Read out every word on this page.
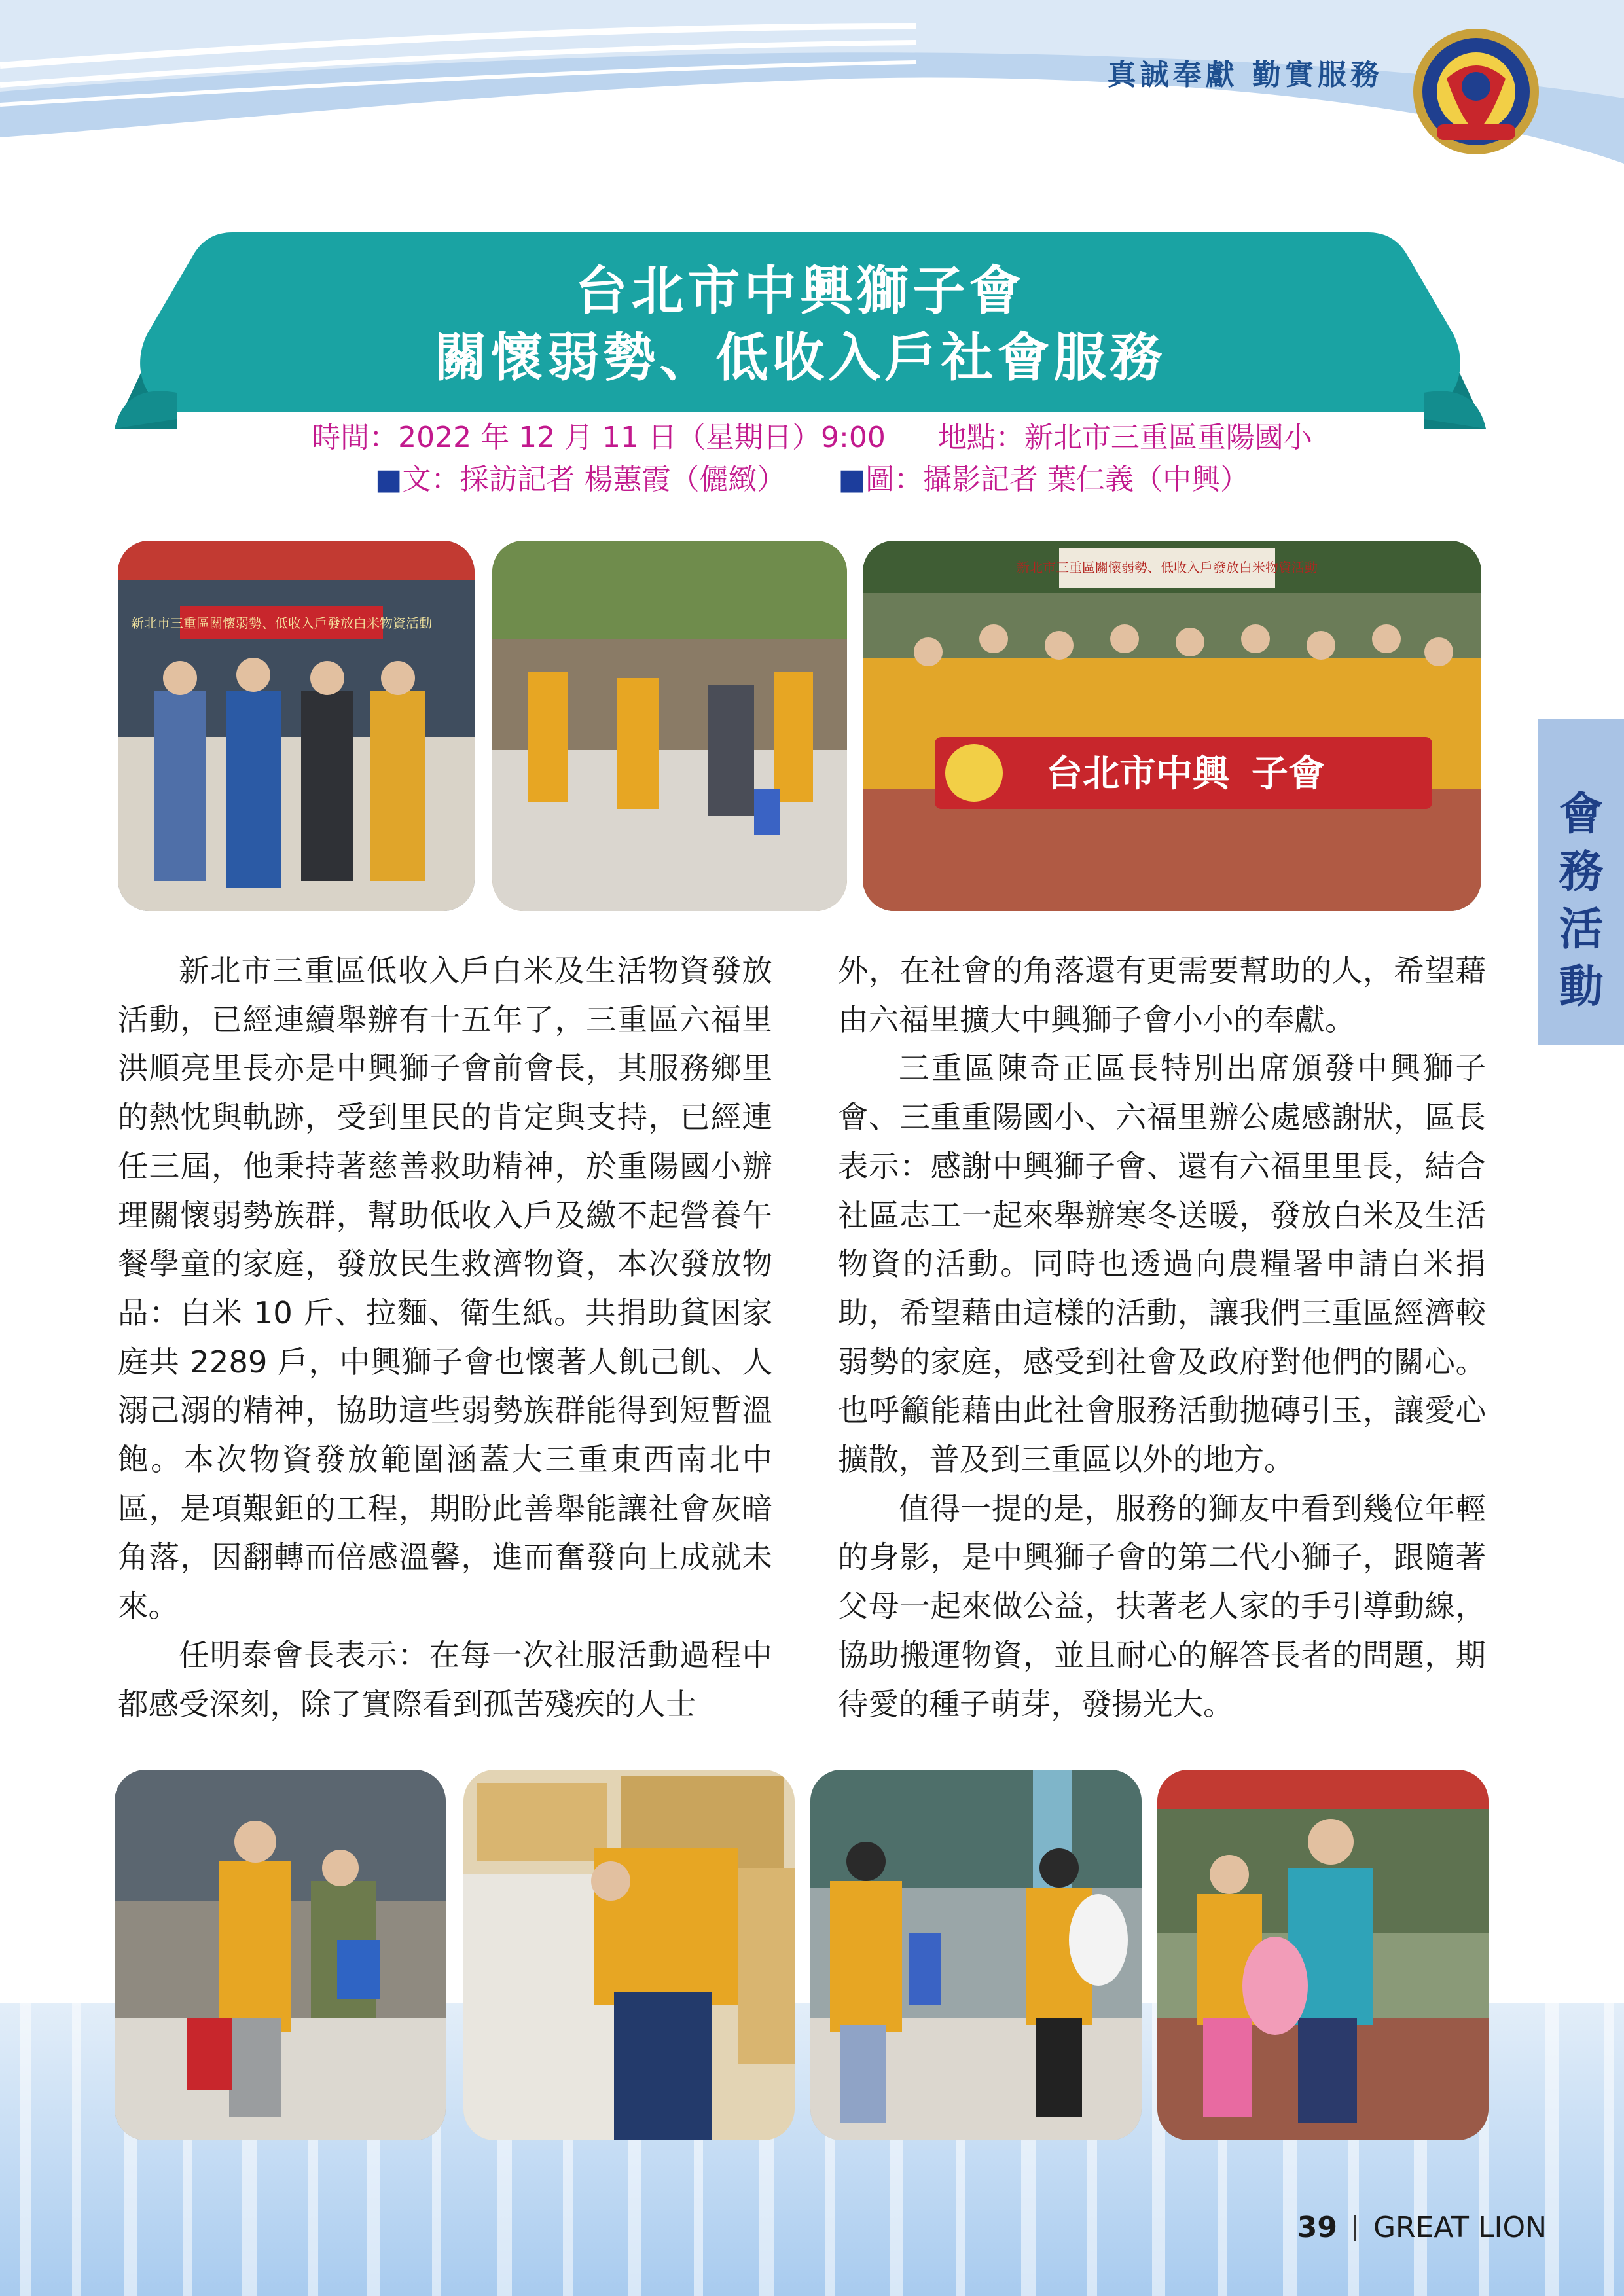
真誠奉獻 勤實服務
台北市中興獅子會
關懷弱勢、低收入戶社會服務
時間：2022 年 12 月 11 日（星期日）9:00 地點：新北市三重區重陽國小
■文：採訪記者 楊蕙霞（儷緻） ■圖：攝影記者 葉仁義（中興）
新北市三重區關懷弱勢、低收入戶發放白米物資活動
新北市三重區關懷弱勢、低收入戶發放白米物資活動
台北市中興 子會

新北市三重區低收入戶白米及生活物資發放活動，已經連續舉辦有十五年了，三重區六福里洪順亮里長亦是中興獅子會前會長，其服務鄉里的熱忱與軌跡，受到里民的肯定與支持，已經連任三屆，他秉持著慈善救助精神，於重陽國小辦理關懷弱勢族群，幫助低收入戶及繳不起營養午餐學童的家庭，發放民生救濟物資，本次發放物品：白米 10 斤、拉麵、衛生紙。共捐助貧困家庭共 2289 戶，中興獅子會也懷著人飢己飢、人溺己溺的精神，協助這些弱勢族群能得到短暫溫飽。本次物資發放範圍涵蓋大三重東西南北中區，是項艱鉅的工程，期盼此善舉能讓社會灰暗角落，因翻轉而倍感溫馨，進而奮發向上成就未來。

任明泰會長表示：在每一次社服活動過程中都感受深刻，除了實際看到孤苦殘疾的人士

外，在社會的角落還有更需要幫助的人，希望藉由六福里擴大中興獅子會小小的奉獻。

三重區陳奇正區長特別出席頒發中興獅子會、三重重陽國小、六福里辦公處感謝狀，區長表示：感謝中興獅子會、還有六福里里長，結合社區志工一起來舉辦寒冬送暖，發放白米及生活物資的活動。同時也透過向農糧署申請白米捐助，希望藉由這樣的活動，讓我們三重區經濟較弱勢的家庭，感受到社會及政府對他們的關心。也呼籲能藉由此社會服務活動拋磚引玉，讓愛心擴散，普及到三重區以外的地方。

值得一提的是，服務的獅友中看到幾位年輕的身影，是中興獅子會的第二代小獅子，跟隨著父母一起來做公益，扶著老人家的手引導動線，協助搬運物資，並且耐心的解答長者的問題，期待愛的種子萌芽，發揚光大。

會
務
活
動
39 GREAT LION
